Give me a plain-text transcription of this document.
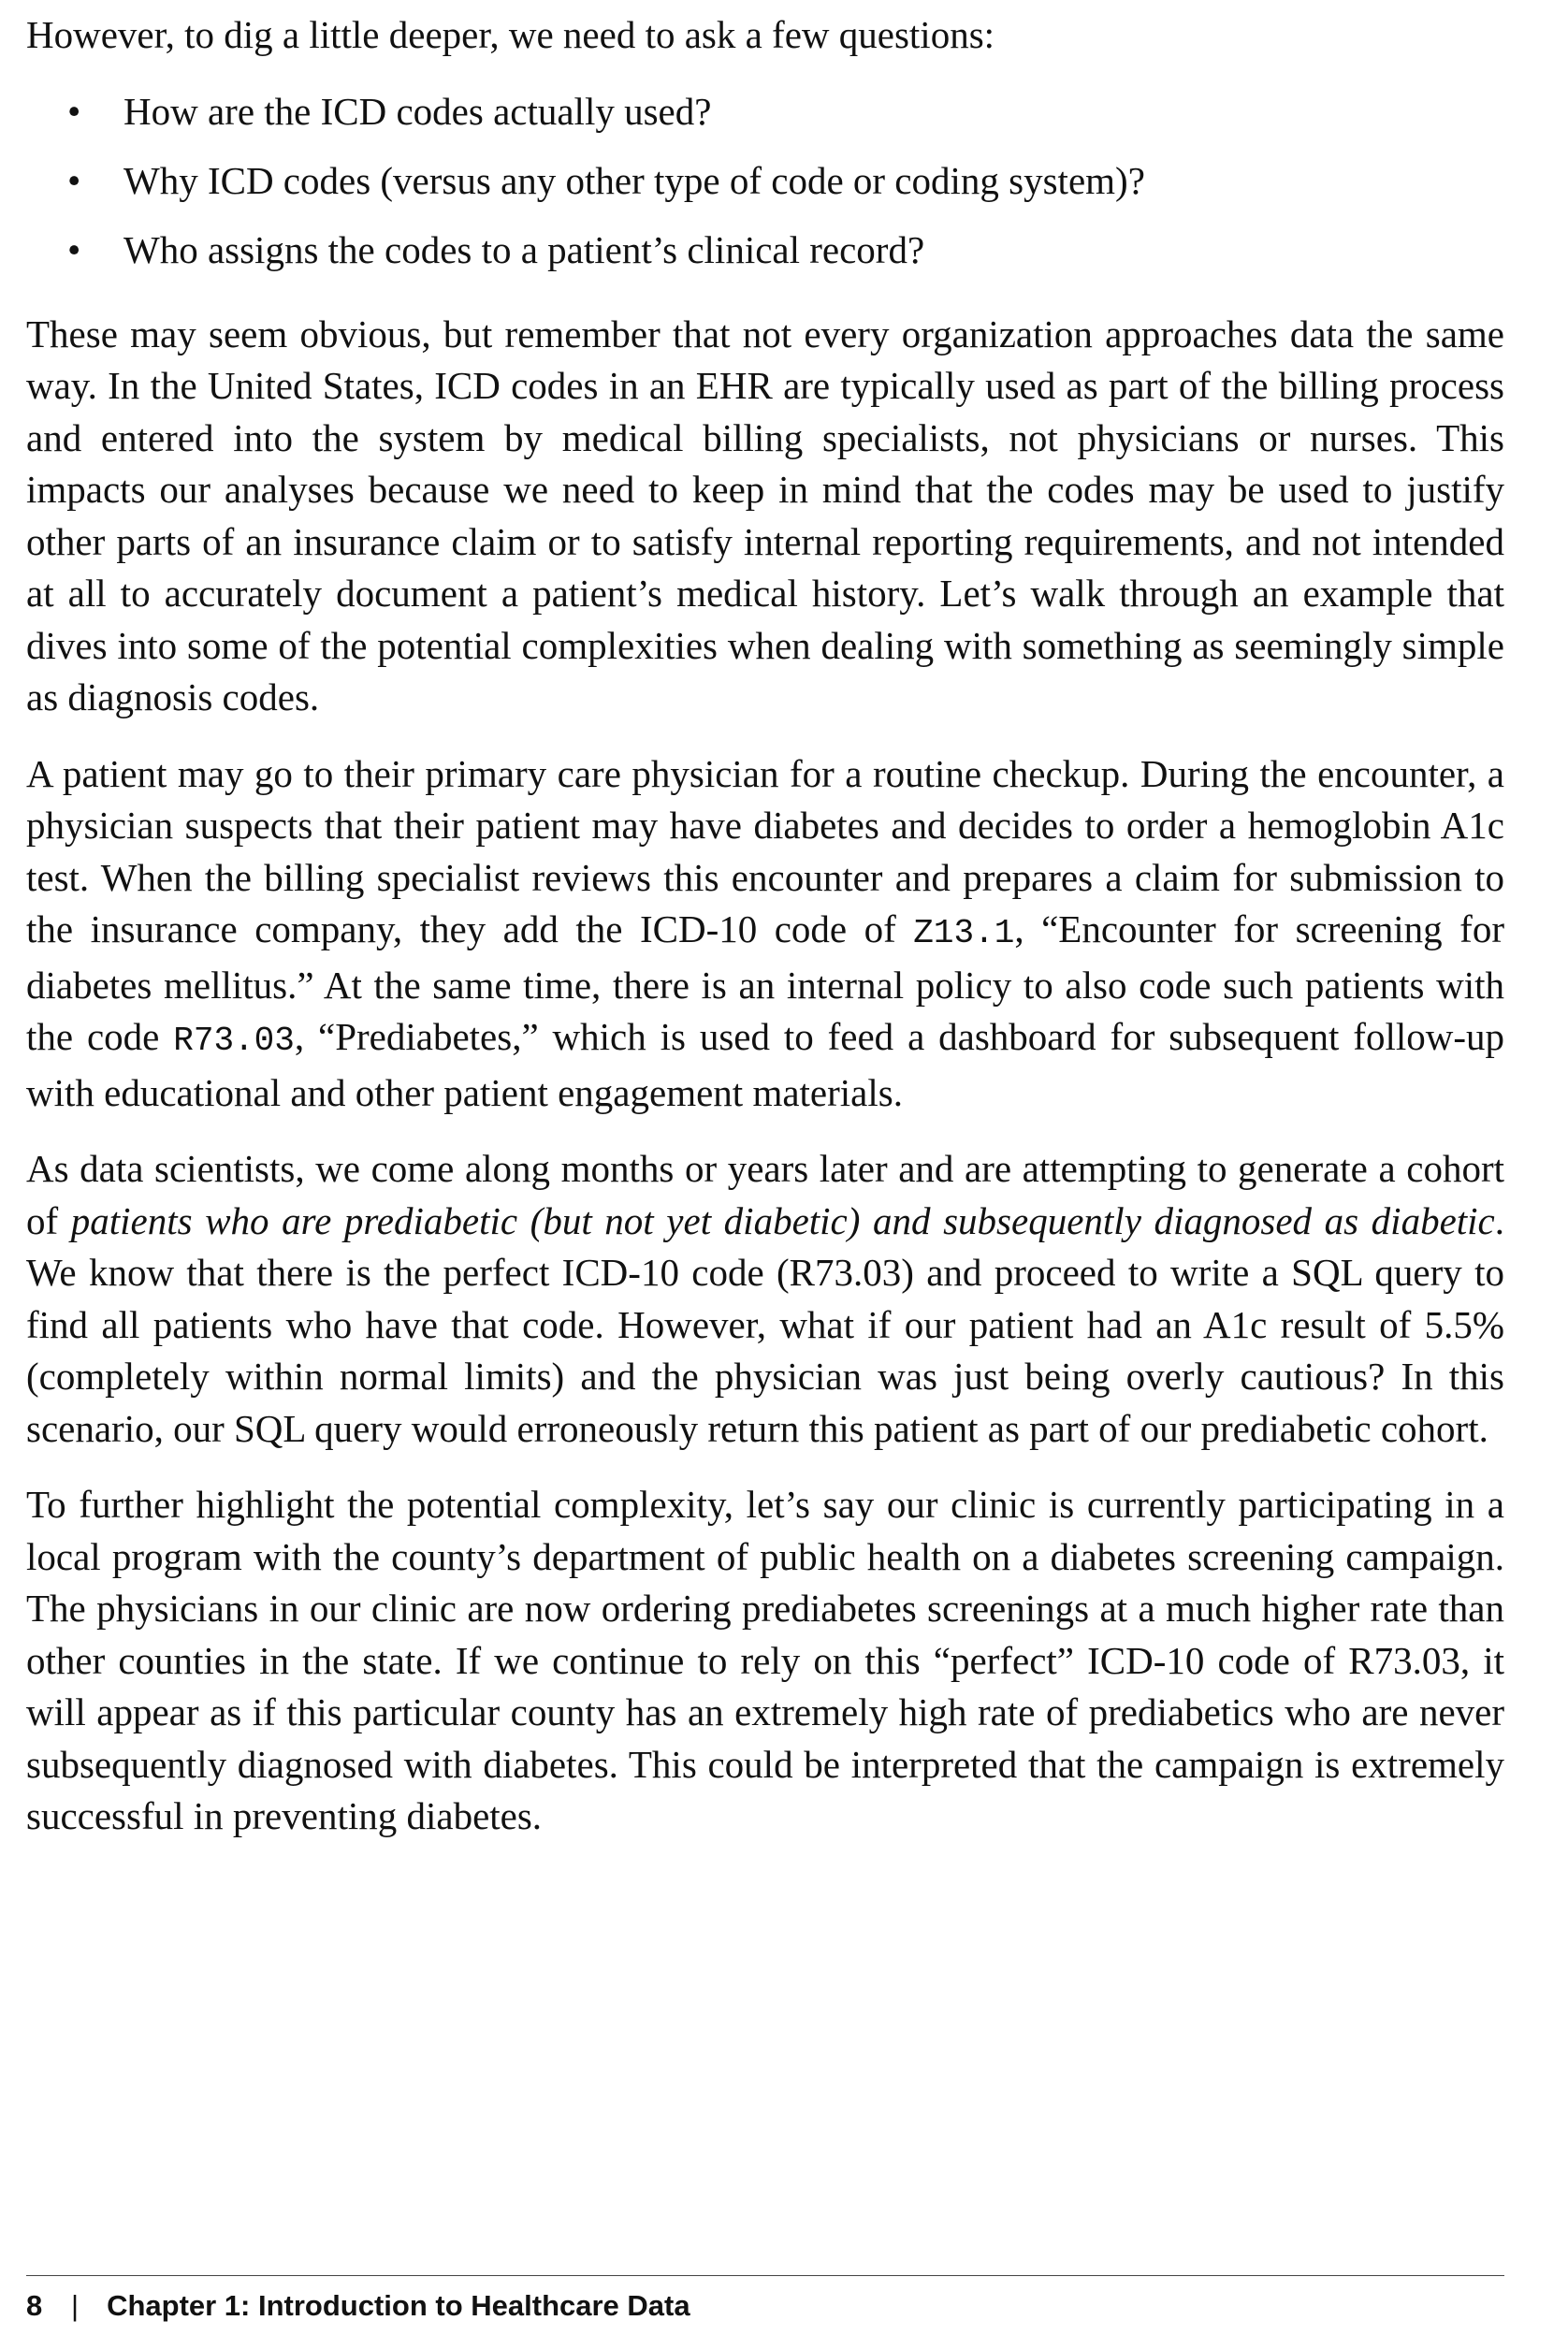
However, to dig a little deeper, we need to ask a few questions:

• How are the ICD codes actually used?
• Why ICD codes (versus any other type of code or coding system)?
• Who assigns the codes to a patient’s clinical record?

These may seem obvious, but remember that not every organization approaches data the same way. In the United States, ICD codes in an EHR are typically used as part of the billing process and entered into the system by medical billing specialists, not physicians or nurses. This impacts our analyses because we need to keep in mind that the codes may be used to justify other parts of an insurance claim or to satisfy internal reporting requirements, and not intended at all to accurately document a patient’s medical history. Let’s walk through an example that dives into some of the potential complexities when dealing with something as seemingly simple as diagnosis codes.

A patient may go to their primary care physician for a routine checkup. During the encounter, a physician suspects that their patient may have diabetes and decides to order a hemoglobin A1c test. When the billing specialist reviews this encounter and prepares a claim for submission to the insurance company, they add the ICD-10 code of Z13.1, “Encounter for screening for diabetes mellitus.” At the same time, there is an internal policy to also code such patients with the code R73.03, “Prediabetes,” which is used to feed a dashboard for subsequent follow-up with educational and other patient engagement materials.

As data scientists, we come along months or years later and are attempting to generate a cohort of patients who are prediabetic (but not yet diabetic) and subsequently diagnosed as diabetic. We know that there is the perfect ICD-10 code (R73.03) and proceed to write a SQL query to find all patients who have that code. However, what if our patient had an A1c result of 5.5% (completely within normal limits) and the physician was just being overly cautious? In this scenario, our SQL query would erroneously return this patient as part of our prediabetic cohort.

To further highlight the potential complexity, let’s say our clinic is currently participating in a local program with the county’s department of public health on a diabetes screening campaign. The physicians in our clinic are now ordering prediabetes screenings at a much higher rate than other counties in the state. If we continue to rely on this “perfect” ICD-10 code of R73.03, it will appear as if this particular county has an extremely high rate of prediabetics who are never subsequently diagnosed with diabetes. This could be interpreted that the campaign is extremely successful in preventing diabetes.

8 | Chapter 1: Introduction to Healthcare Data
